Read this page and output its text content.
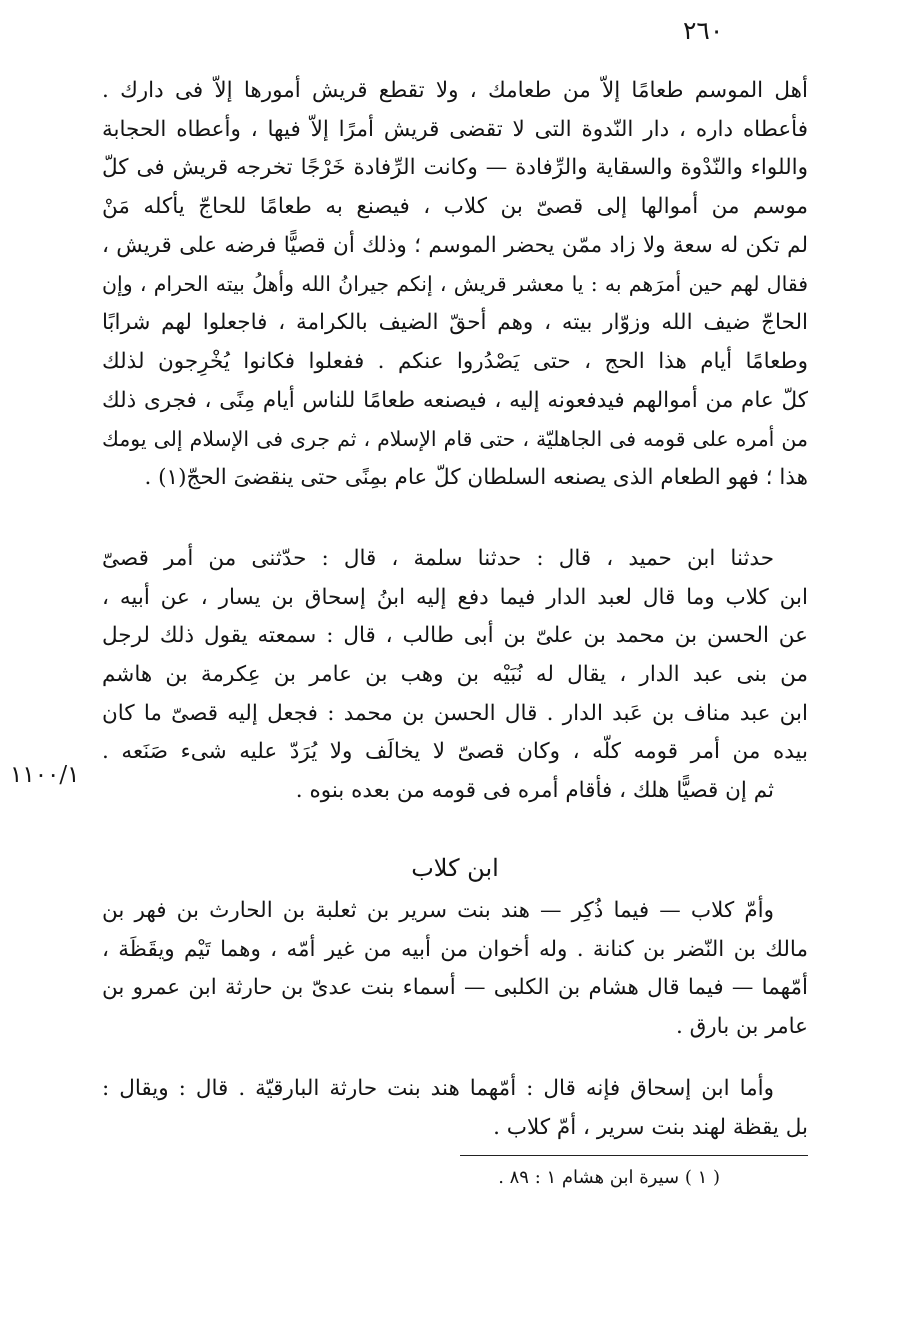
٢٦٠
أهل الموسم طعامًا إلاّ من طعامك ، ولا تقطع قريش أمورها إلاّ فى دارك .
فأعطاه داره ، دار النّدوة التى لا تقضى قريش أمرًا إلاّ فيها ، وأعطاه الحجابة
واللواء والنّدْوة والسقاية والرِّفادة — وكانت الرِّفادة خَرْجًا تخرجه قريش فى كلّ
موسم من أموالها إلى قصىّ بن كلاب ، فيصنع به طعامًا للحاجّ يأكله مَنْ
لم تكن له سعة ولا زاد ممّن يحضر الموسم ؛ وذلك أن قصيًّا فرضه على قريش ،
فقال لهم حين أمرَهم به : يا معشر قريش ، إنكم جيرانُ الله وأهلُ بيته الحرام ، وإن
الحاجّ ضيف الله وزوّار بيته ، وهم أحقّ الضيف بالكرامة ، فاجعلوا لهم شرابًا
وطعامًا أيام هذا الحج ، حتى يَصْدُروا عنكم . ففعلوا فكانوا يُخْرِجون لذلك
كلّ عام من أموالهم فيدفعونه إليه ، فيصنعه طعامًا للناس أيام مِنًى ، فجرى ذلك
من أمره على قومه فى الجاهليّة ، حتى قام الإسلام ، ثم جرى فى الإسلام إلى يومك
هذا ؛ فهو الطعام الذى يصنعه السلطان كلّ عام بمِنًى حتى ينقضىَ الحجّ(١) .
حدثنا ابن حميد ، قال : حدثنا سلمة ، قال : حدّثنى من أمر قصىّ
ابن كلاب وما قال لعبد الدار فيما دفع إليه ابنُ إسحاق بن يسار ، عن أبيه ،
عن الحسن بن محمد بن علىّ بن أبى طالب ، قال : سمعته يقول ذلك لرجل
من بنى عبد الدار ، يقال له نُبَيْه بن وهب بن عامر بن عِكرمة بن هاشم
ابن عبد مناف بن عَبد الدار . قال الحسن بن محمد : فجعل إليه قصىّ ما كان
بيده من أمر قومه كلّه ، وكان قصىّ لا يخالَف ولا يُرَدّ عليه شىء صَنَعه .
ثم إن قصيًّا هلك ، فأقام أمره فى قومه من بعده بنوه .
١١٠٠/١
ابن كلاب
وأمّ كلاب — فيما ذُكِر — هند بنت سرير بن ثعلبة بن الحارث بن فهر بن
مالك بن النّضر بن كنانة . وله أخوان من أبيه من غير أمّه ، وهما تَيْم ويقَظَة ،
أمّهما — فيما قال هشام بن الكلبى — أسماء بنت عدىّ بن حارثة ابن عمرو بن
عامر بن بارق .
وأما ابن إسحاق فإنه قال : أمّهما هند بنت حارثة البارقيّة . قال : ويقال :
بل يقظة لهند بنت سرير ، أمّ كلاب .
( ١ ) سيرة ابن هشام ١ : ٨٩ .
